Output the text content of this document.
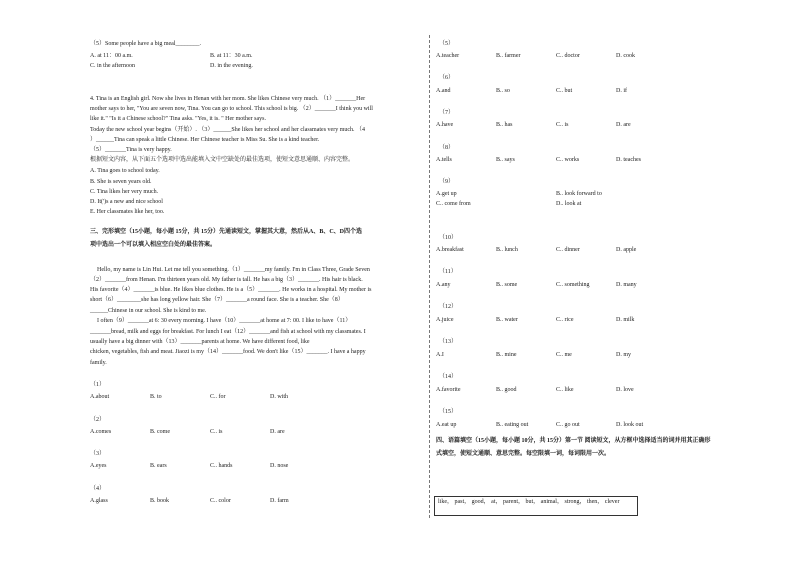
（5）Some people have a big meal________.
A. at 11：00 a.m.	B. at 11：30 a.m.
C. in the afternoon	D. in the evening.
4. Tina is an English girl. Now she lives in Henan with her mom. She likes Chinese very much. （1）_______Her
mother says to her, "You are seven now, Tina. You can go to school. This school is big. （2）_______I think you will
like it." "Is it a Chinese school?" Tina asks. "Yes, it is. " Her mother says.
Today the new school year begins（开始）. （3）______She likes her school and her classmates very much. （4
）______Tina can speak a little Chinese. Her Chinese teacher is Miss Su. She is a kind teacher.
（5）_______Tina is very happy.
根据短文内容，从下面五个选项中选出能填入文中空缺处的最佳选项，使短文意思通顺、内容完整。
A. Tina goes to school today.
B. She is seven years old.
C. Tina likes her very much.
D. It(')s a new and nice school
E. Her classmates like her, too.
三、完形填空（15小题，每小题 15分，共 15分）先通读短文，掌握其大意，然后从A、B、C、D四个选
项中选出一个可以填入相应空白处的最佳答案。
Hello, my name is Lin Hui. Let me tell you something.（1）_______my family. I'm in Class Three, Grade Seven
（2）_______from Henan. I'm thirteen years old. My father is tall. He has a big（3）_______. His hair is black.
His favorite（4）_______is blue. He likes blue clothes. He is a（5）_______. He works in a hospital. My mother is
short（6）________she has long yellow hair. She（7）_______a round face. She is a teacher. She（8）
______Chinese in our school. She is kind to me.
I often（9）_______at 6: 30 every morning. I have（10）_______at home at 7: 00. I like to have（11）
_______bread, milk and eggs for breakfast. For lunch I eat（12）_______and fish at school with my classmates. I
usually have a big dinner with（13）_______parents at home. We have different food, like
chicken, vegetables, fish and meat. Jiaozi is my（14）_______food. We don't like（15）_______. I have a happy
family.
（1）
A.about	B. to	C.. for	D. with
（2）
A.comes	B. come	C.. is	D. are
（3）
A.eyes	B. ears	C.. hands	D. nose
（4）
A.glass	B. book	C.. color	D. farm
（5）
A.teacher	B.. farmer	C.. doctor	D. cook
（6）
A.and	B.. so	C.. but	D. if
（7）
A.have	B.. has	C.. is	D. are
（8）
A.tells	B.. says	C.. works	D. teaches
（9）
A.get up	B.. look forward to
C.. come from	D.. look at
（10）
A.breakfast	B.. lunch	C.. dinner	D. apple
（11）
A.any	B.. some	C.. something	D. many
（12）
A.juice	B.. water	C.. rice	D. milk
（13）
A.I	B.. mine	C.. me	D. my
（14）
A.favorite	B.. good	C.. like	D. love
（15）
A.eat up	B.. eating out	C.. go out	D. look out
四、语篇填空（15小题，每小题 10分，共 15分）第一节 阅读短文，从方框中选择适当的词并用其正确形
式填空，使短文通顺、意思完整。每空限填一词，每词限用一次。
like， past， good， at， parent， but， animal， strong， then， clever
